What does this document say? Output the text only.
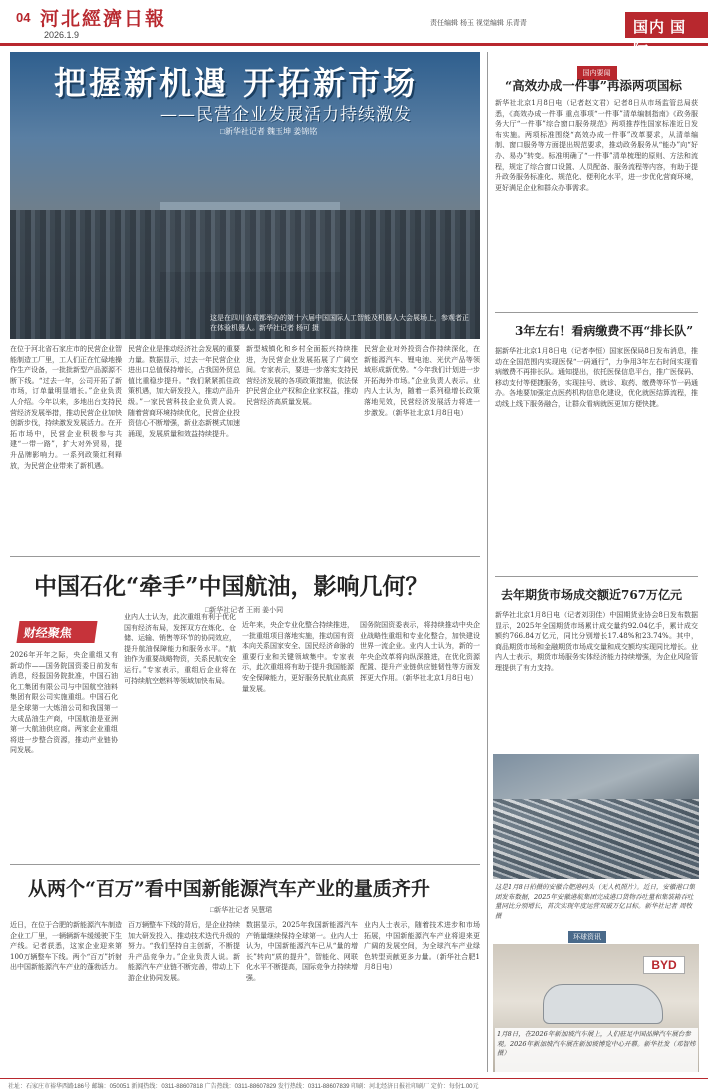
04 河北經濟日報
2026.1.9
责任编辑 杨玉 视觉编辑 乐青青	国内 国际
把握新机遇 开拓新市场
——民营企业发展活力持续激发
□新华社记者 魏玉坤 姜锦铭
这是在四川省成都举办的第十六届中国国际人工智能及机器人大会展场上，参观者正在体验机器人。新华社记者 杨可 摄
在位于河北省石家庄市的民营企业智能制造工厂里，工人们正在忙碌地操作生产设备，一批批新型产品源源不断下线。“过去一年，公司开拓了新市场，订单量明显增长。”企业负责人介绍。今年以来，多地出台支持民营经济发展举措，推动民营企业加快创新步伐，持续激发发展活力。在开拓市场中，民营企业积极参与共建“一带一路”，扩大对外贸易，提升品牌影响力。一系列政策红利释放，为民营企业带来了新机遇。
民营企业是推动经济社会发展的重要力量。数据显示，过去一年民营企业进出口总值保持增长，占我国外贸总值比重稳步提升。“我们紧紧抓住政策机遇，加大研发投入，推动产品升级。”一家民营科技企业负责人说。随着营商环境持续优化，民营企业投资信心不断增强，新业态新模式加速涌现，发展质量和效益持续提升。
新型城镇化和乡村全面振兴持续推进，为民营企业发展拓展了广阔空间。专家表示，要进一步落实支持民营经济发展的各项政策措施，依法保护民营企业产权和企业家权益，推动民营经济高质量发展。
民营企业对外投资合作持续深化，在新能源汽车、锂电池、光伏产品等领域形成新优势。“今年我们计划进一步开拓海外市场。”企业负责人表示。业内人士认为，随着一系列稳增长政策落地见效，民营经济发展活力将进一步激发。（新华社北京1月8日电）
国内要闻
“高效办成一件事”再添两项国标
新华社北京1月8日电（记者赵文君）记者8日从市场监管总局获悉，《高效办成一件事 重点事项“一件事”清单编制指南》《政务服务大厅“一件事”综合窗口服务规范》两项推荐性国家标准近日发布实施。两项标准围绕“高效办成一件事”改革要求，从清单编制、窗口服务等方面提出规范要求，推动政务服务从“能办”向“好办、易办”转变。标准明确了“一件事”清单梳理的原则、方法和流程，规定了综合窗口设置、人员配备、服务流程等内容，有助于提升政务服务标准化、规范化、便利化水平，进一步优化营商环境，更好满足企业和群众办事需求。
3年左右！看病缴费不再“排长队”
据新华社北京1月8日电（记者李恒）国家医保局8日发布消息，推动在全国范围内实现医保“一码通行”，力争用3年左右时间实现看病缴费不再排长队。通知提出，依托医保信息平台，推广医保码、移动支付等便捷服务，实现挂号、就诊、取药、缴费等环节一码通办。各地要加强定点医药机构信息化建设，优化就医结算流程，推动线上线下服务融合，让群众看病就医更加方便快捷。
去年期货市场成交额近767万亿元
新华社北京1月8日电（记者刘羽佳）中国期货业协会8日发布数据显示，2025年全国期货市场累计成交量约92.04亿手，累计成交额约766.84万亿元，同比分别增长17.48%和23.74%。其中，商品期货市场和金融期货市场成交量和成交额均实现同比增长。业内人士表示，期货市场服务实体经济能力持续增强，为企业风险管理提供了有力支持。
这是1月8日拍摄的安徽合肥港码头（无人机照片）。近日，安徽港口集团发布数据，2025年安徽港航集团完成港口货物吞吐量和集装箱吞吐量同比分别增长，首次实现年度运营双破万亿目标。新华社记者 周牧 摄
环球资讯
BYD
1月8日，在2026年新加坡汽车展上，人们驻足中国品牌汽车展台参观。2026年新加坡汽车展在新加坡博览中心开幕。新华社发（邓智炜摄）
中国石化“牵手”中国航油，影响几何？
□新华社记者 王雨 姜小同
财经聚焦
2026年开年之际，央企重组又有新动作——国务院国资委日前发布消息，经报国务院批准，中国石油化工集团有限公司与中国航空油料集团有限公司实施重组。中国石化是全球第一大炼油公司和我国第一大成品油生产商，中国航油是亚洲第一大航油供应商。两家企业重组将进一步整合资源，推动产业链协同发展。
业内人士认为，此次重组有利于优化国有经济布局，发挥双方在炼化、仓储、运输、销售等环节的协同效应，提升航油保障能力和服务水平。“航油作为重要战略物资，关系民航安全运行。”专家表示，重组后企业将在可持续航空燃料等领域加快布局。
近年来，央企专业化整合持续推进，一批重组项目落地实施，推动国有资本向关系国家安全、国民经济命脉的重要行业和关键领域集中。专家表示，此次重组将有助于提升我国能源安全保障能力，更好服务民航业高质量发展。
国务院国资委表示，将持续推动中央企业战略性重组和专业化整合，加快建设世界一流企业。业内人士认为，新的一年央企改革将向纵深推进，在优化资源配置、提升产业链供应链韧性等方面发挥更大作用。（新华社北京1月8日电）
从两个“百万”看中国新能源汽车产业的量质齐升
□新华社记者 吴慧珺
近日，在位于合肥的新能源汽车制造企业工厂里，一辆辆新车缓缓驶下生产线。记者获悉，这家企业迎来第100万辆整车下线。两个“百万”折射出中国新能源汽车产业的蓬勃活力。
百万辆整车下线的背后，是企业持续加大研发投入、推动技术迭代升级的努力。“我们坚持自主创新，不断提升产品竞争力。”企业负责人说。新能源汽车产业链不断完善，带动上下游企业协同发展。
数据显示，2025年我国新能源汽车产销量继续保持全球第一。业内人士认为，中国新能源汽车已从“量的增长”转向“质的提升”，智能化、网联化水平不断提高，国际竞争力持续增强。
业内人士表示，随着技术进步和市场拓展，中国新能源汽车产业将迎来更广阔的发展空间，为全球汽车产业绿色转型贡献更多力量。（新华社合肥1月8日电）
社址：石家庄市裕华西路186号 邮编：050051 新闻热线：0311-88607818 广告热线：0311-88607829 发行热线：0311-88607839 印刷：河北经济日报社印刷厂 定价：每份1.00元
